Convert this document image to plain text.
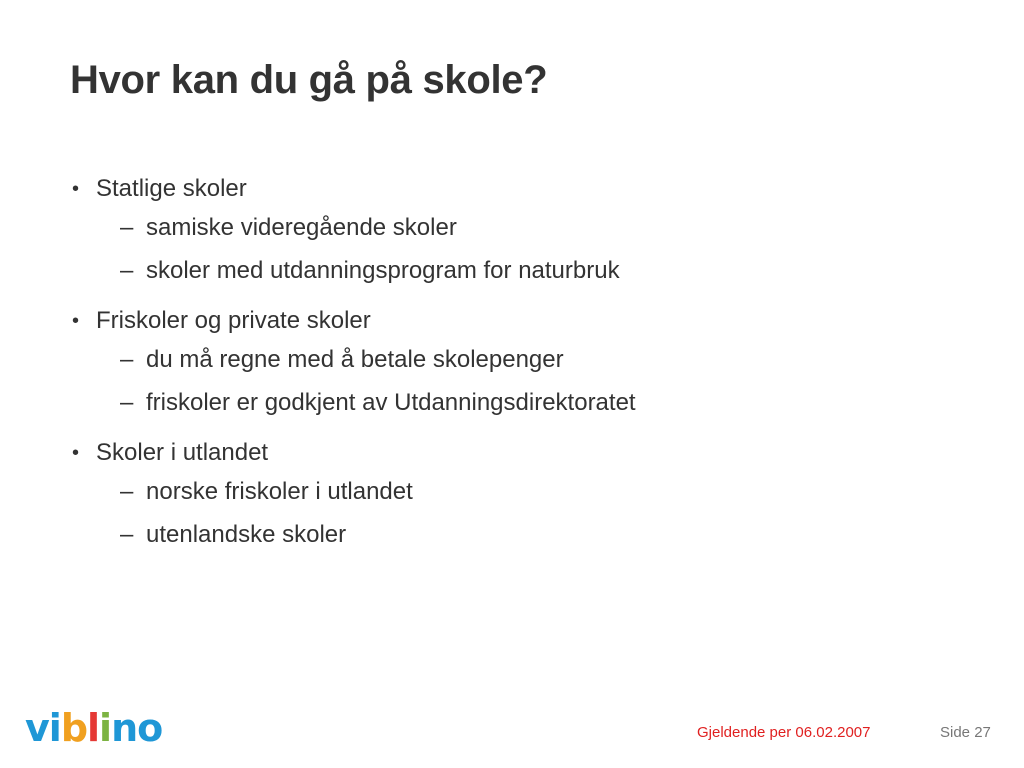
Hvor kan du gå på skole?
• Statlige skoler
– samiske videregående skoler
– skoler med utdanningsprogram for naturbruk
• Friskoler og private skoler
– du må regne med å betale skolepenger
– friskoler er godkjent av Utdanningsdirektoratet
• Skoler i utlandet
– norske friskoler i utlandet
– utenlandske skoler
v i b l i n o	Gjeldende per 06.02.2007	Side 27
